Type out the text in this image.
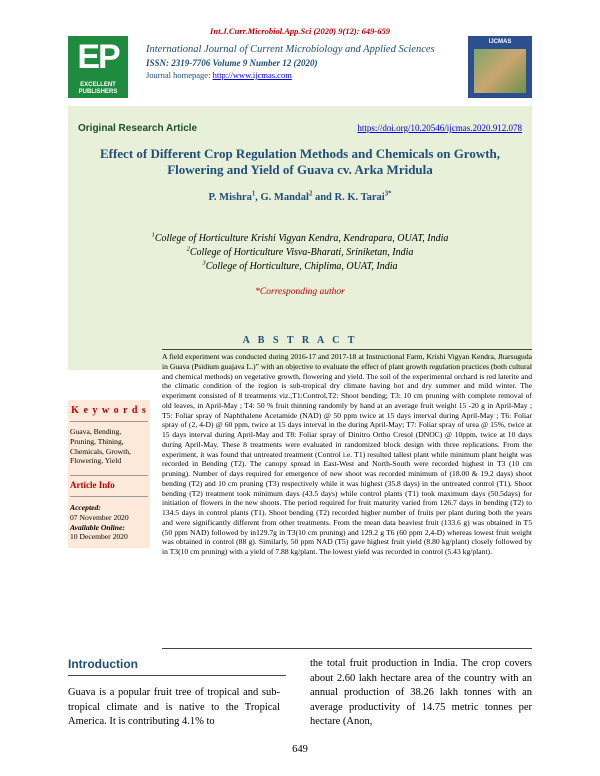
Int.J.Curr.Microbiol.App.Sci (2020) 9(12): 649-659
EP
EXCELLENT PUBLISHERS
International Journal of Current Microbiology and Applied Sciences
ISSN: 2319-7706 Volume 9 Number 12 (2020)
Journal homepage: http://www.ijcmas.com
IJCMAS
Original Research Article	https://doi.org/10.20546/ijcmas.2020.912.078
Effect of Different Crop Regulation Methods and Chemicals on Growth,
Flowering and Yield of Guava cv. Arka Mridula
P. Mishra$^1$, G. Mandal$^2$ and R. K. Tarai$^{3*}$
$^1$College of Horticulture Krishi Vigyan Kendra, Kendrapara, OUAT, India
$^2$College of Horticulture Visva-Bharati, Sriniketan, India
$^3$College of Horticulture, Chiplima, OUAT, India
*Corresponding author
A B S T R A C T
A field experiment was conducted during 2016-17 and 2017-18 at Instructional Farm, Krishi Vigyan Kendra, Jharsuguda in Guava (Psidium guajava L.)” with an objective to evaluate the effect of plant growth regulation practices (both cultural and chemical methods) on vegetative growth, flowering and yield. The soil of the experimental orchard is red laterite and the climatic condition of the region is sub-tropical dry climate having hot and dry summer and mild winter. The experiment consisted of 8 treatments viz.,T1:Control,T2: Shoot bending; T3: 10 cm pruning with complete removal of old leaves, in April-May ; T4: 50 % fruit thinning randomly by hand at an average fruit weight 15 -20 g in April-May ; T5: Foliar spray of Naphthalene Acetamide (NAD) @ 50 ppm twice at 15 days interval during April-May ; T6: Foliar spray of (2, 4-D) @ 60 ppm, twice at 15 days interval in the during April-May; T7: Foliar spray of urea @ 15%, twice at 15 days interval during April-May and T8: Foliar spray of Dinitro Ortho Cresol (DNOC) @ 10ppm, twice at 10 days during April-May. These 8 treatments were evaluated in randomized block design with three replications. From the experiment, it was found that untreated treatment (Control i.e. T1) resulted tallest plant while minimum plant height was recorded in Bending (T2). The canopy spread in East-West and North-South were recorded highest in T3 (10 cm pruning). Number of days required for emergence of new shoot was recorded minimum of (18.00 & 19.2 days) shoot bending (T2) and 10 cm pruning (T3) respectively while it was highest (35.8 days) in the untreated control (T1). Shoot bending (T2) treatment took minimum days (43.5 days) while control plants (T1) took maximum days (50.5days) for initiation of flowers in the new shoots. The period required for fruit maturity varied from 126.7 days in bending (T2) to 134.5 days in control plants (T1). Shoot bending (T2) recorded higher number of fruits per plant during both the years and were significantly different from other treatments. From the mean data heaviest fruit (133.6 g) was obtained in T5 (50 ppm NAD) followed by in129.7g in T3(10 cm pruning) and 129.2 g T6 (60 ppm 2,4-D) whereas lowest fruit weight was obtained in control (88 g). Similarly, 50 ppm NAD (T5) gave highest fruit yield (8.80 kg/plant) closely followed by in T3(10 cm pruning) with a yield of 7.88 kg/plant. The lowest yield was recorded in control (5.43 kg/plant).
K e y w o r d s
Guava, Bending, Pruning, Thining, Chemicals, Growth, Flowering, Yield
Article Info
Accepted:
07 November 2020
Available Online:
10 December 2020
Introduction
Guava is a popular fruit tree of tropical and sub-tropical climate and is native to the Tropical America. It is contributing 4.1% to
the total fruit production in India. The crop covers about 2.60 lakh hectare area of the country with an annual production of 38.26 lakh tonnes with an average productivity of 14.75 metric tonnes per hectare (Anon,
649
